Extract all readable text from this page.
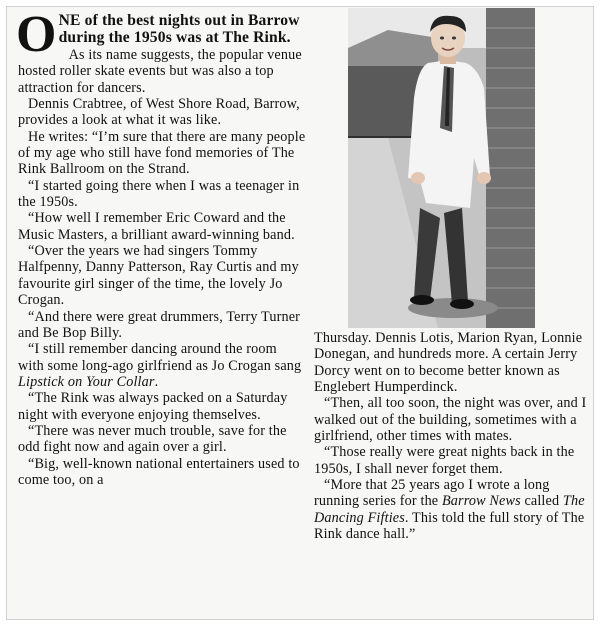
O NE of the best nights out in Barrow during the 1950s was at The Rink.

As its name suggests, the popular venue hosted roller skate events but was also a top attraction for dancers.

Dennis Crabtree, of West Shore Road, Barrow, provides a look at what it was like.

He writes: “I’m sure that there are many people of my age who still have fond memories of The Rink Ballroom on the Strand.

“I started going there when I was a teenager in the 1950s.

“How well I remember Eric Coward and the Music Masters, a brilliant award-winning band.

“Over the years we had singers Tommy Halfpenny, Danny Patterson, Ray Curtis and my favourite girl singer of the time, the lovely Jo Crogan.

“And there were great drummers, Terry Turner and Be Bop Billy.

“I still remember dancing around the room with some long-ago girlfriend as Jo Crogan sang Lipstick on Your Collar.

“The Rink was always packed on a Saturday night with everyone enjoying themselves.

“There was never much trouble, save for the odd fight now and again over a girl.

“Big, well-known national entertainers used to come too, on a

Thursday. Dennis Lotis, Marion Ryan, Lonnie Donegan, and hundreds more. A certain Jerry Dorcy went on to become better known as Englebert Humperdinck.

“Then, all too soon, the night was over, and I walked out of the building, sometimes with a girlfriend, other times with mates.

“Those really were great nights back in the 1950s, I shall never forget them.

“More that 25 years ago I wrote a long running series for the Barrow News called The Dancing Fifties. This told the full story of The Rink dance hall.”
